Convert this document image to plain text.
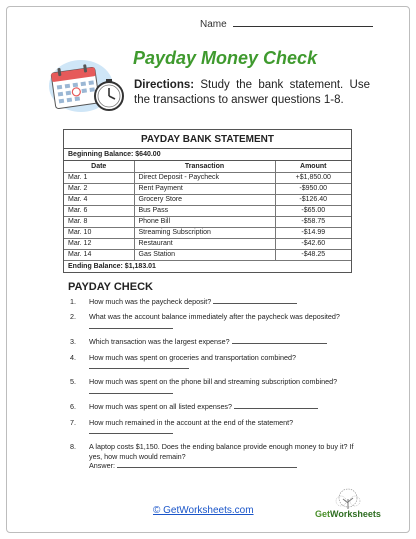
Name
Payday Money Check
Directions: Study the bank statement. Use the transactions to answer questions 1-8.
PAYDAY BANK STATEMENT
Beginning Balance: $640.00
Date	Transaction	Amount
Mar. 1	Direct Deposit - Paycheck	+$1,850.00
Mar. 2	Rent Payment	-$950.00
Mar. 4	Grocery Store	-$126.40
Mar. 6	Bus Pass	-$65.00
Mar. 8	Phone Bill	-$58.75
Mar. 10	Streaming Subscription	-$14.99
Mar. 12	Restaurant	-$42.60
Mar. 14	Gas Station	-$48.25
Ending Balance: $1,183.01
PAYDAY CHECK
1.	How much was the paycheck deposit?
2.	What was the account balance immediately after the paycheck was deposited?
3.	Which transaction was the largest expense?
4.	How much was spent on groceries and transportation combined?
5.	How much was spent on the phone bill and streaming subscription combined?
6.	How much was spent on all listed expenses?
7.	How much remained in the account at the end of the statement?
8.	A laptop costs $1,150. Does the ending balance provide enough money to buy it? If yes, how much would remain?
Answer:
© GetWorksheets.com	GetWorksheets
